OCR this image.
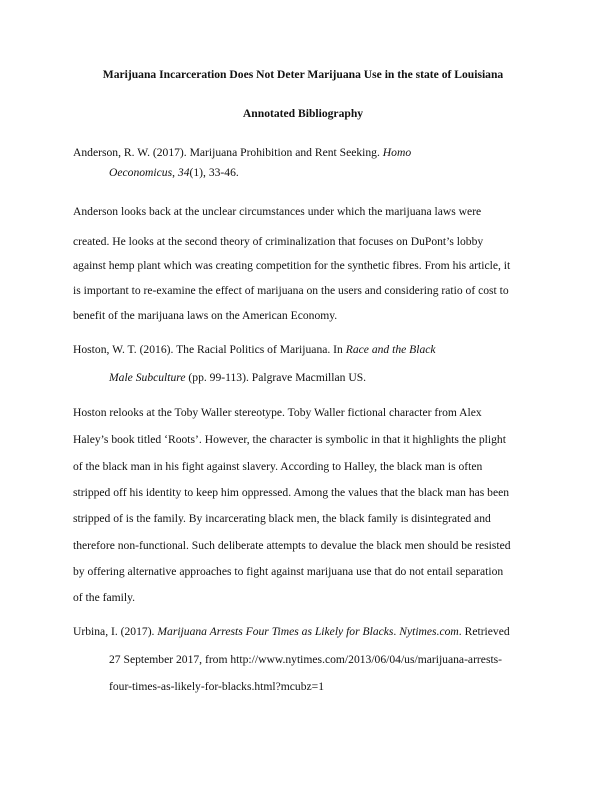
Marijuana Incarceration Does Not Deter Marijuana Use in the state of Louisiana
Annotated Bibliography
Anderson, R. W. (2017). Marijuana Prohibition and Rent Seeking. Homo
Oeconomicus, 34(1), 33-46.
Anderson looks back at the unclear circumstances under which the marijuana laws were
created. He looks at the second theory of criminalization that focuses on DuPont’s lobby
against hemp plant which was creating competition for the synthetic fibres. From his article, it
is important to re-examine the effect of marijuana on the users and considering ratio of cost to
benefit of the marijuana laws on the American Economy.
Hoston, W. T. (2016). The Racial Politics of Marijuana. In Race and the Black
Male Subculture (pp. 99-113). Palgrave Macmillan US.
Hoston relooks at the Toby Waller stereotype. Toby Waller fictional character from Alex
Haley’s book titled ‘Roots’. However, the character is symbolic in that it highlights the plight
of the black man in his fight against slavery. According to Halley, the black man is often
stripped off his identity to keep him oppressed. Among the values that the black man has been
stripped of is the family. By incarcerating black men, the black family is disintegrated and
therefore non-functional. Such deliberate attempts to devalue the black men should be resisted
by offering alternative approaches to fight against marijuana use that do not entail separation
of the family.
Urbina, I. (2017). Marijuana Arrests Four Times as Likely for Blacks. Nytimes.com. Retrieved
27 September 2017, from http://www.nytimes.com/2013/06/04/us/marijuana-arrests-
four-times-as-likely-for-blacks.html?mcubz=1
